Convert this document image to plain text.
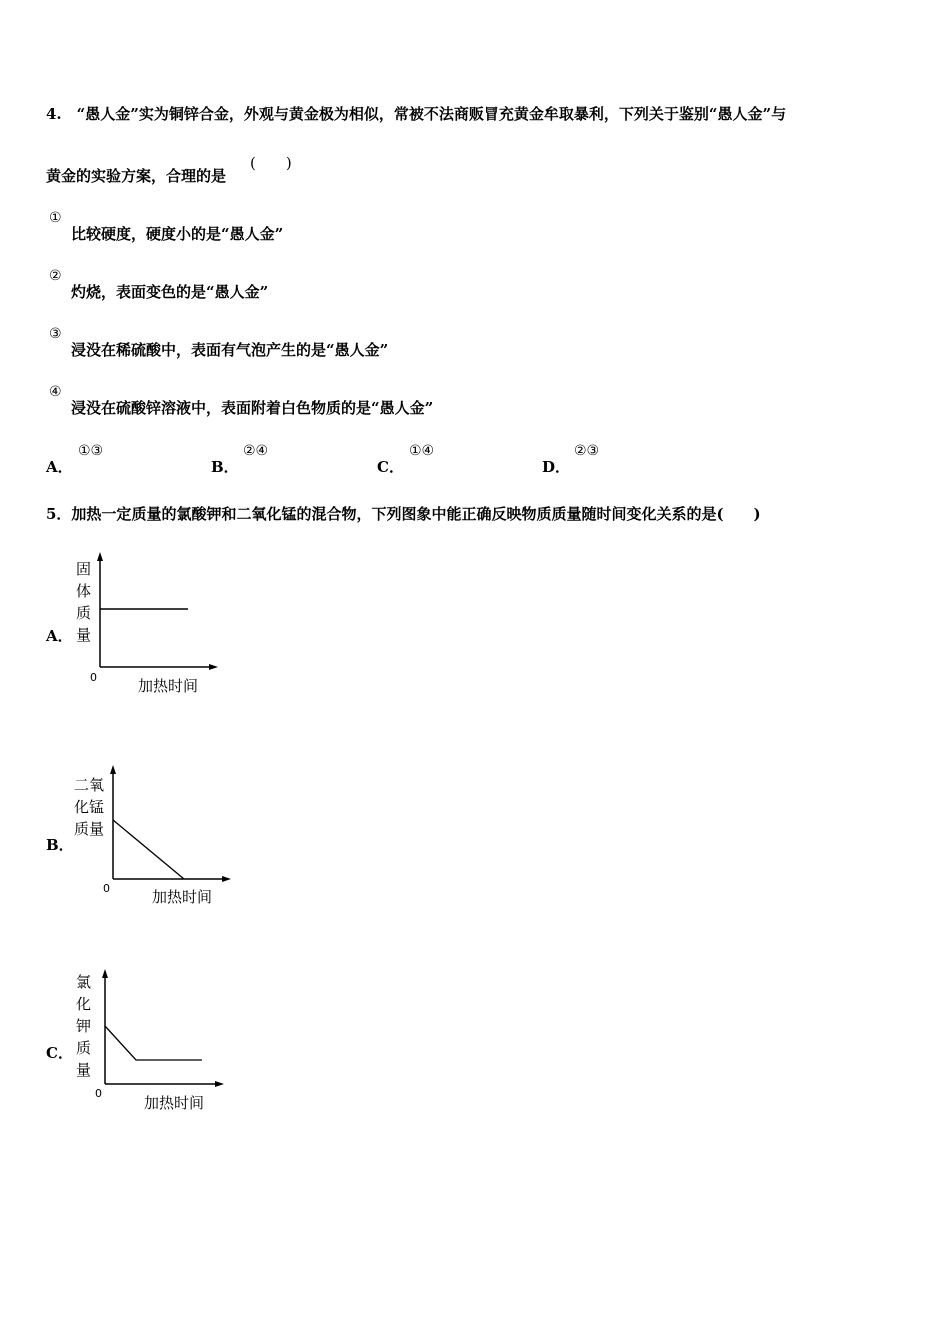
4.　“愚人金”实为铜锌合金，外观与黄金极为相似，常被不法商贩冒充黄金牟取暴利，下列关于鉴别“愚人金”与
黄金的实验方案，合理的是
(　　)
①
比较硬度，硬度小的是“愚人金”
②
灼烧，表面变色的是“愚人金”
③
浸没在稀硫酸中，表面有气泡产生的是“愚人金”
④
浸没在硫酸锌溶液中，表面附着白色物质的是“愚人金”
A．
①③
B．
②④
C．
①④
D．
②③
5．加热一定质量的氯酸钾和二氧化锰的混合物，下列图象中能正确反映物质质量随时间变化关系的是(　　)
A．
固
体
质
量
0	加热时间
B．
二氧
化锰
质量
0	加热时间
C．
氯
化
钾
质
量
0
加热时间
